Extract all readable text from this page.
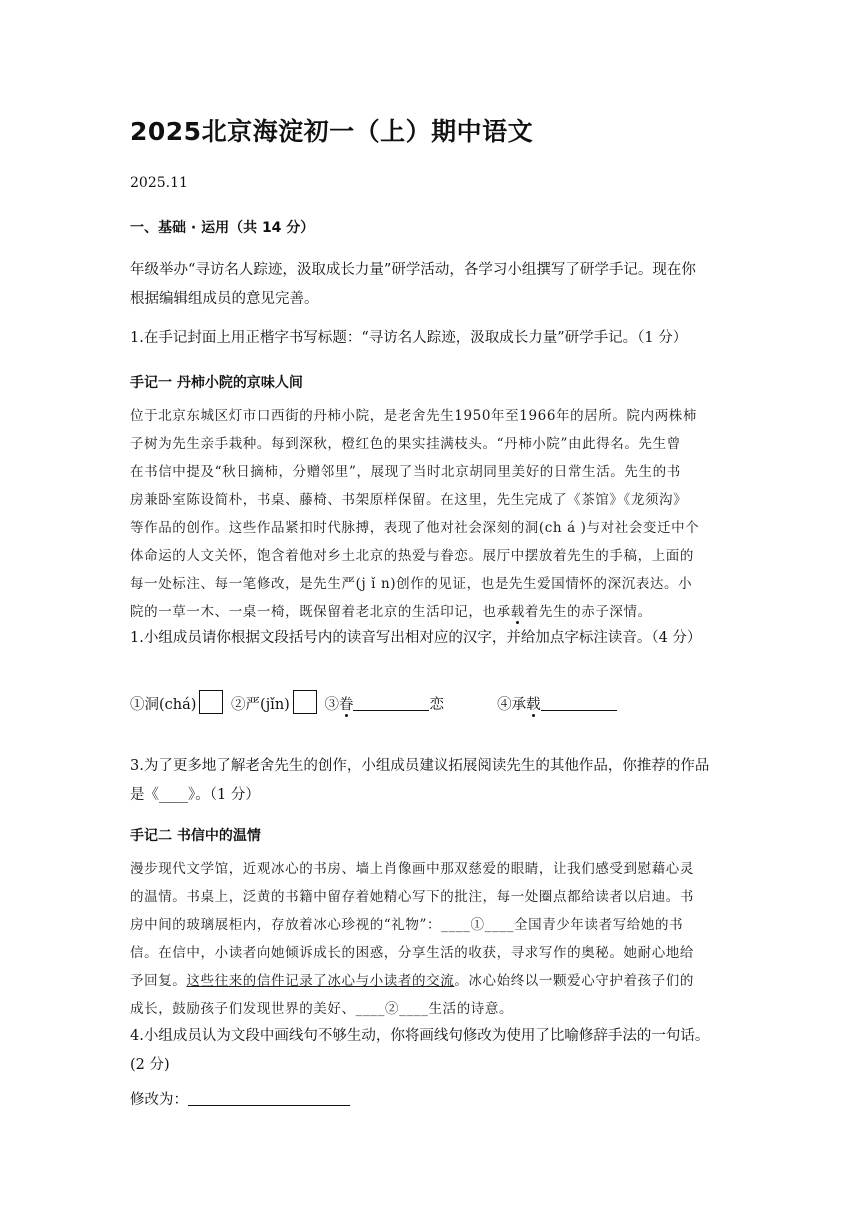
2025北京海淀初一（上）期中语文
2025.11
一、基础 · 运用（共 14 分）
年级举办“寻访名人踪迹，汲取成长力量”研学活动，各学习小组撰写了研学手记。现在你
根据编辑组成员的意见完善。
1.在手记封面上用正楷字书写标题：“寻访名人踪迹，汲取成长力量”研学手记。（1 分）
手记一 丹柿小院的京味人间
位于北京东城区灯市口西街的丹柿小院，是老舍先生1950年至1966年的居所。院内两株柿
子树为先生亲手栽种。每到深秋，橙红色的果实挂满枝头。“丹柿小院”由此得名。先生曾
在书信中提及“秋日摘柿，分赠邻里”，展现了当时北京胡同里美好的日常生活。先生的书
房兼卧室陈设简朴，书桌、藤椅、书架原样保留。在这里，先生完成了《茶馆》《龙须沟》
等作品的创作。这些作品紧扣时代脉搏，表现了他对社会深刻的洞(ch á )与对社会变迁中个
体命运的人文关怀，饱含着他对乡土北京的热爱与眷恋。展厅中摆放着先生的手稿，上面的
每一处标注、每一笔修改，是先生严(j ǐ n)创作的见证，也是先生爱国情怀的深沉表达。小
院的一草一木、一桌一椅，既保留着老北京的生活印记，也承载着先生的赤子深情。
1.小组成员请你根据文段括号内的读音写出相对应的汉字，并给加点字标注读音。（4 分）
①洞(chá) ②严(jǐn) ③眷	恋	④承载
3.为了更多地了解老舍先生的创作，小组成员建议拓展阅读先生的其他作品，你推荐的作品
是《____》。（1 分）
手记二 书信中的温情
漫步现代文学馆，近观冰心的书房、墙上肖像画中那双慈爱的眼睛，让我们感受到慰藉心灵
的温情。书桌上，泛黄的书籍中留存着她精心写下的批注，每一处圈点都给读者以启迪。书
房中间的玻璃展柜内，存放着冰心珍视的“礼物”：____①____全国青少年读者写给她的书
信。在信中，小读者向她倾诉成长的困惑，分享生活的收获，寻求写作的奥秘。她耐心地给
予回复。这些往来的信件记录了冰心与小读者的交流。冰心始终以一颗爱心守护着孩子们的
成长，鼓励孩子们发现世界的美好、____②____生活的诗意。
4.小组成员认为文段中画线句不够生动，你将画线句修改为使用了比喻修辞手法的一句话。
(2 分)
修改为：
